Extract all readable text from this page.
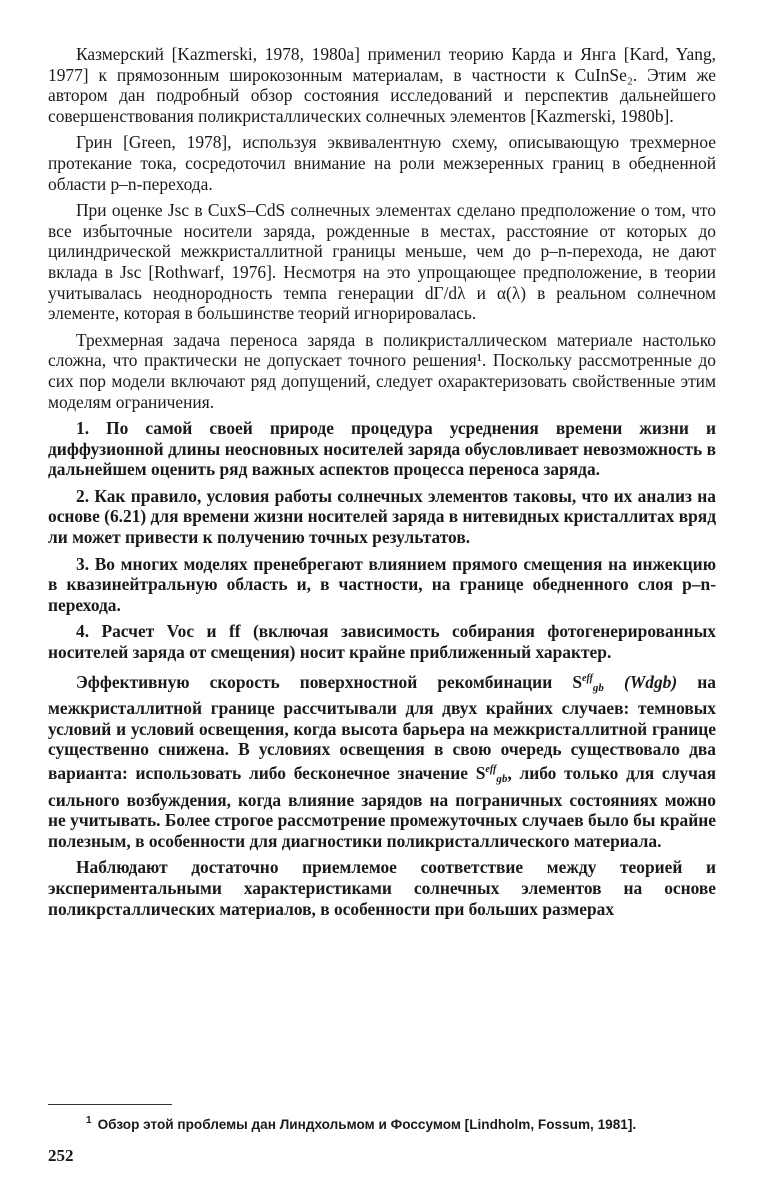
Казмерский [Kazmerski, 1978, 1980a] применил теорию Карда и Янга [Kard, Yang, 1977] к прямозонным широкозонным материалам, в частности к CuInSe₂. Этим же автором дан подробный обзор состояния исследований и перспектив дальнейшего совершенствования поликристаллических солнечных элементов [Kazmerski, 1980b].

Грин [Green, 1978], используя эквивалентную схему, описывающую трехмерное протекание тока, сосредоточил внимание на роли межзеренных границ в обедненной области p–n-перехода.

При оценке Jsc в CuxS–CdS солнечных элементах сделано предположение о том, что все избыточные носители заряда, рожденные в местах, расстояние от которых до цилиндрической межкристаллитной границы меньше, чем до p–n-перехода, не дают вклада в Jsc [Rothwarf, 1976]. Несмотря на это упрощающее предположение, в теории учитывалась неоднородность темпа генерации dΓ/dλ и α(λ) в реальном солнечном элементе, которая в большинстве теорий игнорировалась.

Трехмерная задача переноса заряда в поликристаллическом материале настолько сложна, что практически не допускает точного решения¹. Поскольку рассмотренные до сих пор модели включают ряд допущений, следует охарактеризовать свойственные этим моделям ограничения.

1. По самой своей природе процедура усреднения времени жизни и диффузионной длины неосновных носителей заряда обусловливает невозможность в дальнейшем оценить ряд важных аспектов процесса переноса заряда.

2. Как правило, условия работы солнечных элементов таковы, что их анализ на основе (6.21) для времени жизни носителей заряда в нитевидных кристаллитах вряд ли может привести к получению точных результатов.

3. Во многих моделях пренебрегают влиянием прямого смещения на инжекцию в квазинейтральную область и, в частности, на границе обедненного слоя p–n-перехода.

4. Расчет Voc и ff (включая зависимость собирания фотогенерированных носителей заряда от смещения) носит крайне приближенный характер.

Эффективную скорость поверхностной рекомбинации $S^{eff}_{gb}$ (Wdgb) на межкристаллитной границе рассчитывали для двух крайних случаев: темновых условий и условий освещения, когда высота барьера на межкристаллитной границе существенно снижена. В условиях освещения в свою очередь существовало два варианта: использовать либо бесконечное значение $S^{eff}_{gb}$, либо только для случая сильного возбуждения, когда влияние зарядов на пограничных состояниях можно не учитывать. Более строгое рассмотрение промежуточных случаев было бы крайне полезным, в особенности для диагностики поликристаллического материала.

Наблюдают достаточно приемлемое соответствие между теорией и экспериментальными характеристиками солнечных элементов на основе поликрсталлических материалов, в особенности при больших размерах

$^1$ Обзор этой проблемы дан Линдхольмом и Фоссумом [Lindholm, Fossum, 1981].
252
